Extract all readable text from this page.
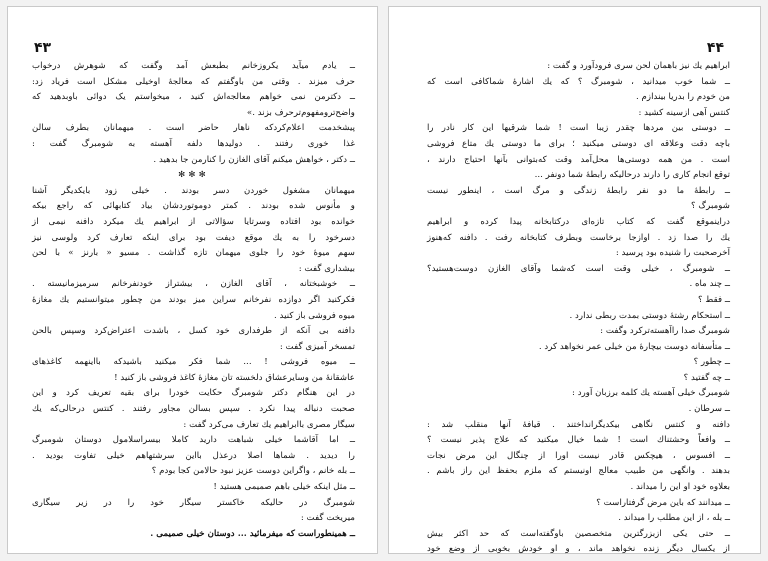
۴۳
ــ یادم میآید یکروزخانم بطبعش آمد وگفت که شوهرش درخواب
حرف میزند . وقتی من باوگفتم که معالجهٔ اوخیلی مشکل است فریاد زد:
ــ دکترمن نمی خواهم معالجه‌اش کنید ، میخواستم یک دوائی باوبدهید که
واضح‌ترومفهوم‌ترحرف بزند .»
پیشخدمت اعلام‌کردکه ناهار حاضر است . میهمانان بطرف سالن
غذا خوری رفتند . دولیدها دلفه آهسته به شومبرگ گفت :
ــ دکتر ، خواهش میکنم آقای الغازن را کنارمن جا بدهید .
✻✻✻
میهمانان مشغول خوردن دسر بودند . خیلی زود بایکدیگر آشنا
و مأنوس شده بودند . کمتر دوموتوردشان بیاد کتابهائی که راجع بیکه
خوانده بود افتاده وسرتایا سؤالاتی از ابراهیم یك میکرد دافنه نیمی از
دسرخود را به یك موقع دیفت بود برای اینکه تعارف کرد ولوسی نیز
سهم میوهٔ خود را جلوی میهمان تازه گذاشت . مسیو « بارنز » با لحن
بیشداری گفت :
ــ خوشبختانه ، آقای الغازن ، بیشتراز خودنفرخانم سرمیزمانیسته .
فکرکنید اگر دوازده نفرخانم سراین میز بودند من چطور میتوانستیم یك مغازهٔ
میوه فروشی باز کنید .
دافنه بی آنکه از طرفداری خود کسل ، باشدت اعتراض‌کرد وسپس بالحن
تمسخر آمیزی گفت :
ــ میوه فروشی ! ... شما فکر میکنید باشیدکه بااینهمه کاغذهای
عاشقانهٔ من وسایرعشاق دلخسته تان مغازهٔ کاغذ فروشی باز کنید !
در این هنگام دکتر شومبرگ حکایت خودرا برای بقیه تعریف کرد و این
صحبت دنباله پیدا نکرد . سپس بسالن مجاور رفتند . کنتس درحالی‌که یك
سیگار مصری باابراهیم یك تعارف می‌کرد گفت :
ــ اما آقاشما خیلی شباهت دارید کاملا بیسراسلامول دوستان شومبرگ
را دیدید . شماها اصلا درعذل بااین سرشتهاهم خیلی تفاوت بودید .
ــ بله خانم ، واگراین دوست عزیز نبود حالامن کجا بودم ؟
ــ مثل اینکه خیلی باهم صمیمی هستید !
شومبرگ در حالیکه خاکستر سیگار خود را در زیر سیگاری
میریخت گفت :
ــ همینطوراست که میفرمائید ... دوستان خیلی صمیمی .
۴۴
ابراهیم یك نیز باهمان لحن سری فرودآورد و گفت :
ــ شما خوب میدانید ، شومبرگ ؟ که یك اشارهٔ شماکافی است که
من خودم را بدریا بیندازم .
کنتس آهی ازسینه کشید :
ــ دوستی بین مردها چقدر زیبا است ! شما شرقیها این کار نادر را
باچه دقت وعلاقه ای دوستی میکنید ؛ برای ما دوستی یك متاع فروشی
است . من همه دوستی‌ها محل‌آمد وقت که‌بتوانی بآنها احتیاج دارند ،
توقع انجام کاری را دارند درحالیکه رابطهٔ شما دونفر ...
ــ رابطهٔ ما دو نفر رابطهٔ زندگی و مرگ است ، اینطور نیست
شومبرگ ؟
دراینموقع گفت که کتاب تازه‌ای درکتابخانه پیدا کرده و ابراهیم
یك را صدا زد . اوازجا برخاست وبطرف کتابخانه رفت . دافنه که‌هنوز
آخرصحبت را شنیده بود پرسید :
ــ شومبرگ ، خیلی وقت است که‌شما وآقای الغازن دوست‌هستید؟
ــ چند ماه .
ــ فقط ؟
ــ استحکام رشتهٔ دوستی بمدت ربطی ندارد .
شومبرگ صدا راآهسته‌ترکرد وگفت :
ــ متأسفانه دوست بیچارهٔ من خیلی عمر نخواهد کرد .
ــ چطور ؟
ــ چه گفتید ؟
شومبرگ خیلی آهسته یك کلمه برزبان آورد :
ــ سرطان .
دافنه و کنتس نگاهی بیکدیگرانداختند . قیافهٔ آنها منقلب شد :
ــ وافعاً وحشتناك است ! شما خیال میکنید که علاج پذیر نیست ؟
ــ افسوس ، هیچکس قادر نیست اورا از چنگال این مرض نجات
بدهند . وانگهی من طبیب معالج اونیستم که ملزم بحفظ این راز باشم .
بعلاوه خود او این را میداند .
ــ میدانند که باین مرض گرفتاراست ؟
ــ بله ، از این مطلب را میداند .
ــ حتی یکی ازبزرگترین متخصصین باوگفته‌است که حد اکثر بیش
از یکسال دیگر زنده نخواهد ماند ، و او خودش بخوبی از وضع خود
